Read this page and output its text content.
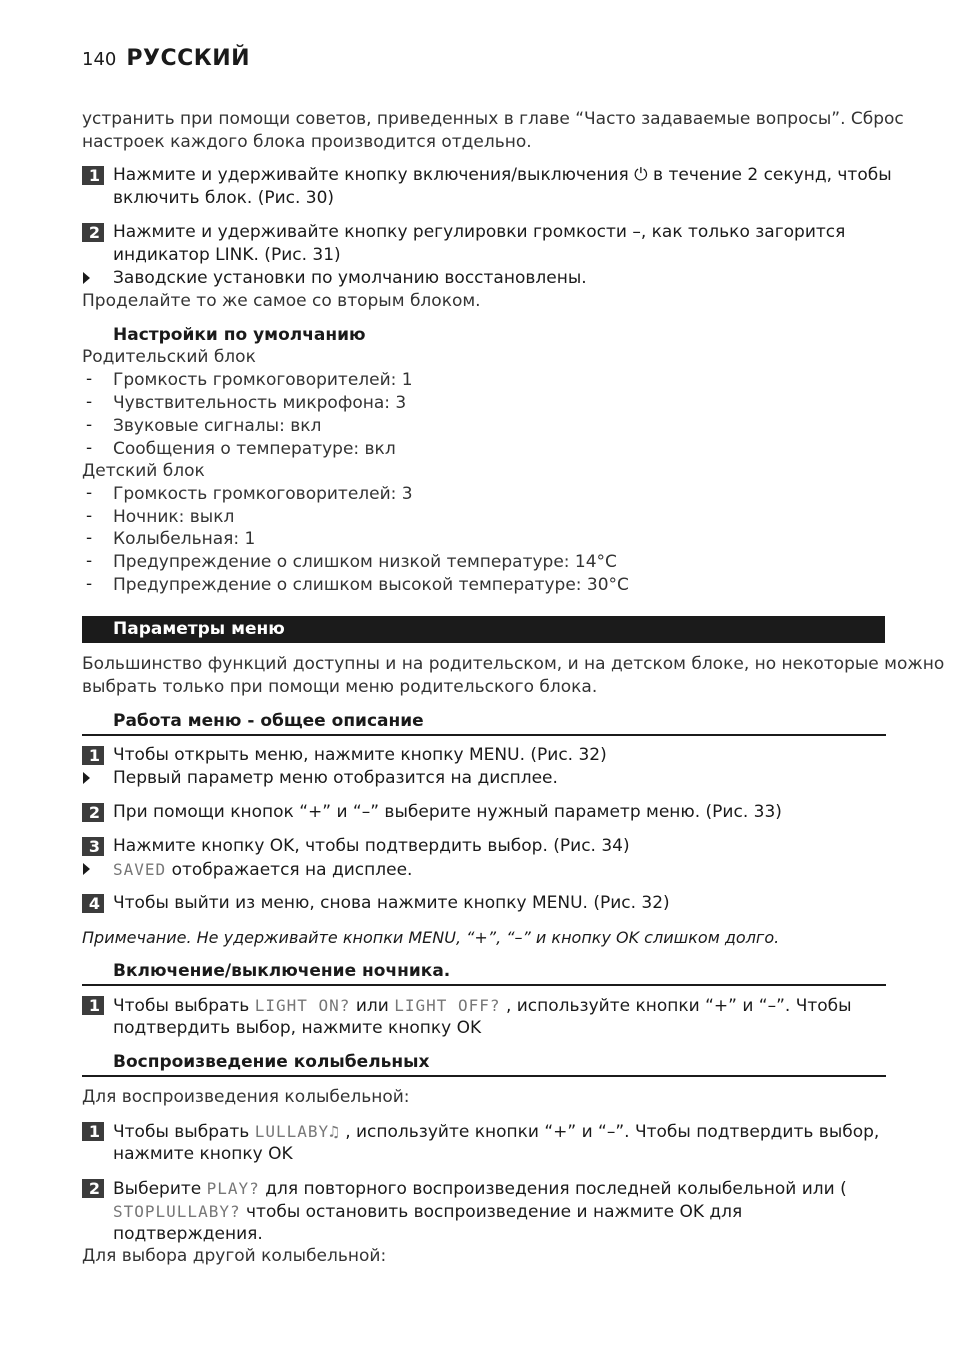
140 РУССКИЙ
устранить при помощи советов, приведенных в главе “Часто задаваемые вопросы”. Сброс
настроек каждого блока производится отдельно.
1 Нажмите и удерживайте кнопку включения/выключения ⏻ в течение 2 секунд, чтобы
включить блок. (Рис. 30)
2 Нажмите и удерживайте кнопку регулировки громкости –, как только загорится
индикатор LINK. (Рис. 31)
Заводские установки по умолчанию восстановлены.
Проделайте то же самое со вторым блоком.
Настройки по умолчанию
Родительский блок
- Громкость громкоговорителей: 1
- Чувствительность микрофона: 3
- Звуковые сигналы: вкл
- Сообщения о температуре: вкл
Детский блок
- Громкость громкоговорителей: 3
- Ночник: выкл
- Колыбельная: 1
- Предупреждение о слишком низкой температуре: 14°C
- Предупреждение о слишком высокой температуре: 30°C
Параметры меню
Большинство функций доступны и на родительском, и на детском блоке, но некоторые можно
выбрать только при помощи меню родительского блока.
Работа меню - общее описание
1 Чтобы открыть меню, нажмите кнопку MENU. (Рис. 32)
Первый параметр меню отобразится на дисплее.
2 При помощи кнопок “+” и “–” выберите нужный параметр меню. (Рис. 33)
3 Нажмите кнопку OK, чтобы подтвердить выбор. (Рис. 34)
SAVED отображается на дисплее.
4 Чтобы выйти из меню, снова нажмите кнопку MENU. (Рис. 32)
Примечание. Не удерживайте кнопки MENU, “+”, “–” и кнопку OK слишком долго.
Включение/выключение ночника.
1 Чтобы выбрать LIGHT ON? или LIGHT OFF? , используйте кнопки “+” и “–”. Чтобы
подтвердить выбор, нажмите кнопку OK
Воспроизведение колыбельных
Для воспроизведения колыбельной:
1 Чтобы выбрать LULLABY♫ , используйте кнопки “+” и “–”. Чтобы подтвердить выбор,
нажмите кнопку OK
2 Выберите PLAY? для повторного воспроизведения последней колыбельной или (
STOPLULLABY? чтобы остановить воспроизведение и нажмите OK для
подтверждения.
Для выбора другой колыбельной:
